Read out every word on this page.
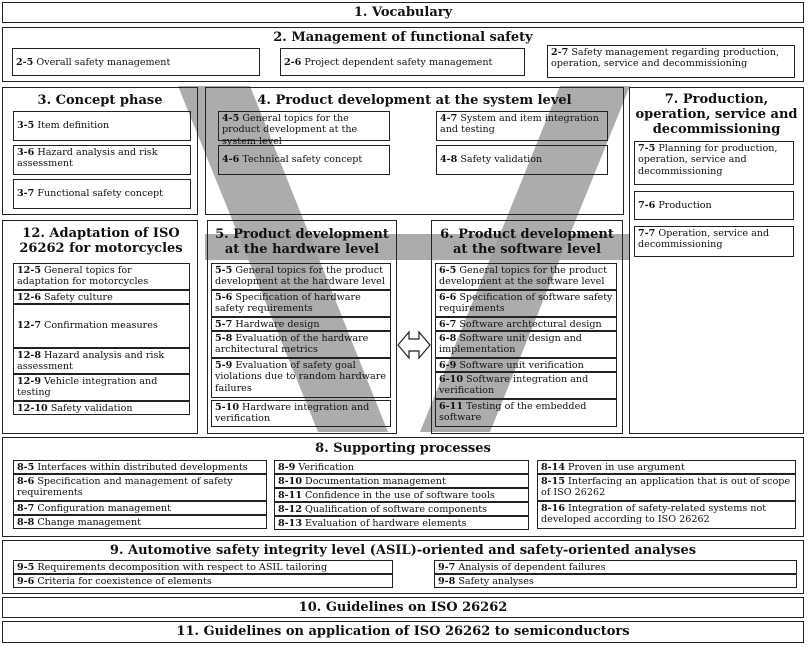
1. Vocabulary
2. Management of functional safety
2-5 Overall safety management	2-6 Project dependent safety management
2-7 Safety management regarding production, operation, service and decommissioning
3. Concept phase
3-5 Item definition
3-6 Hazard analysis and risk assessment
3-7 Functional safety concept
4. Product development at the system level
4-5 General topics for the product development at the system level
4-6 Technical safety concept
4-7 System and item integration and testing
4-8 Safety validation
7. Production, operation, service and decommissioning
7-5 Planning for production, operation, service and decommissioning
7-6 Production
7-7 Operation, service and decommissioning
12. Adaptation of ISO 26262 for motorcycles
12-5 General topics for adaptation for motorcycles
12-6 Safety culture
12-7 Confirmation measures
12-8 Hazard analysis and risk assessment
12-9 Vehicle integration and testing
12-10 Safety validation
5. Product development at the hardware level
5-5 General topics for the product development at the hardware level
5-6 Specification of hardware safety requirements
5-7 Hardware design
5-8 Evaluation of the hardware architectural metrics
5-9 Evaluation of safety goal violations due to random hardware failures
5-10 Hardware integration and verification
6. Product development at the software level
6-5 General topics for the product development at the software level
6-6 Specification of software safety requirements
6-7 Software archtectural design
6-8 Software unit design and implementation
6-9 Software unit verification
6-10 Software integration and verification
6-11 Testing of the embedded software
8. Supporting processes
8-5 Interfaces within distributed developments
8-6 Specification and management of safety requirements
8-7 Configuration management
8-8 Change management
8-9 Verification
8-10 Documentation management
8-11 Confidence in the use of software tools
8-12 Qualification of software components
8-13 Evaluation of hardware elements
8-14 Proven in use argument
8-15 Interfacing an application that is out of scope of ISO 26262
8-16 Integration of safety-related systems not developed according to ISO 26262
9. Automotive safety integrity level (ASIL)-oriented and safety-oriented analyses
9-5 Requirements decomposition with respect to ASIL tailoring
9-6 Criteria for coexistence of elements
9-7 Analysis of dependent failures
9-8 Safety analyses
10. Guidelines on ISO 26262
11. Guidelines on application of ISO 26262 to semiconductors
